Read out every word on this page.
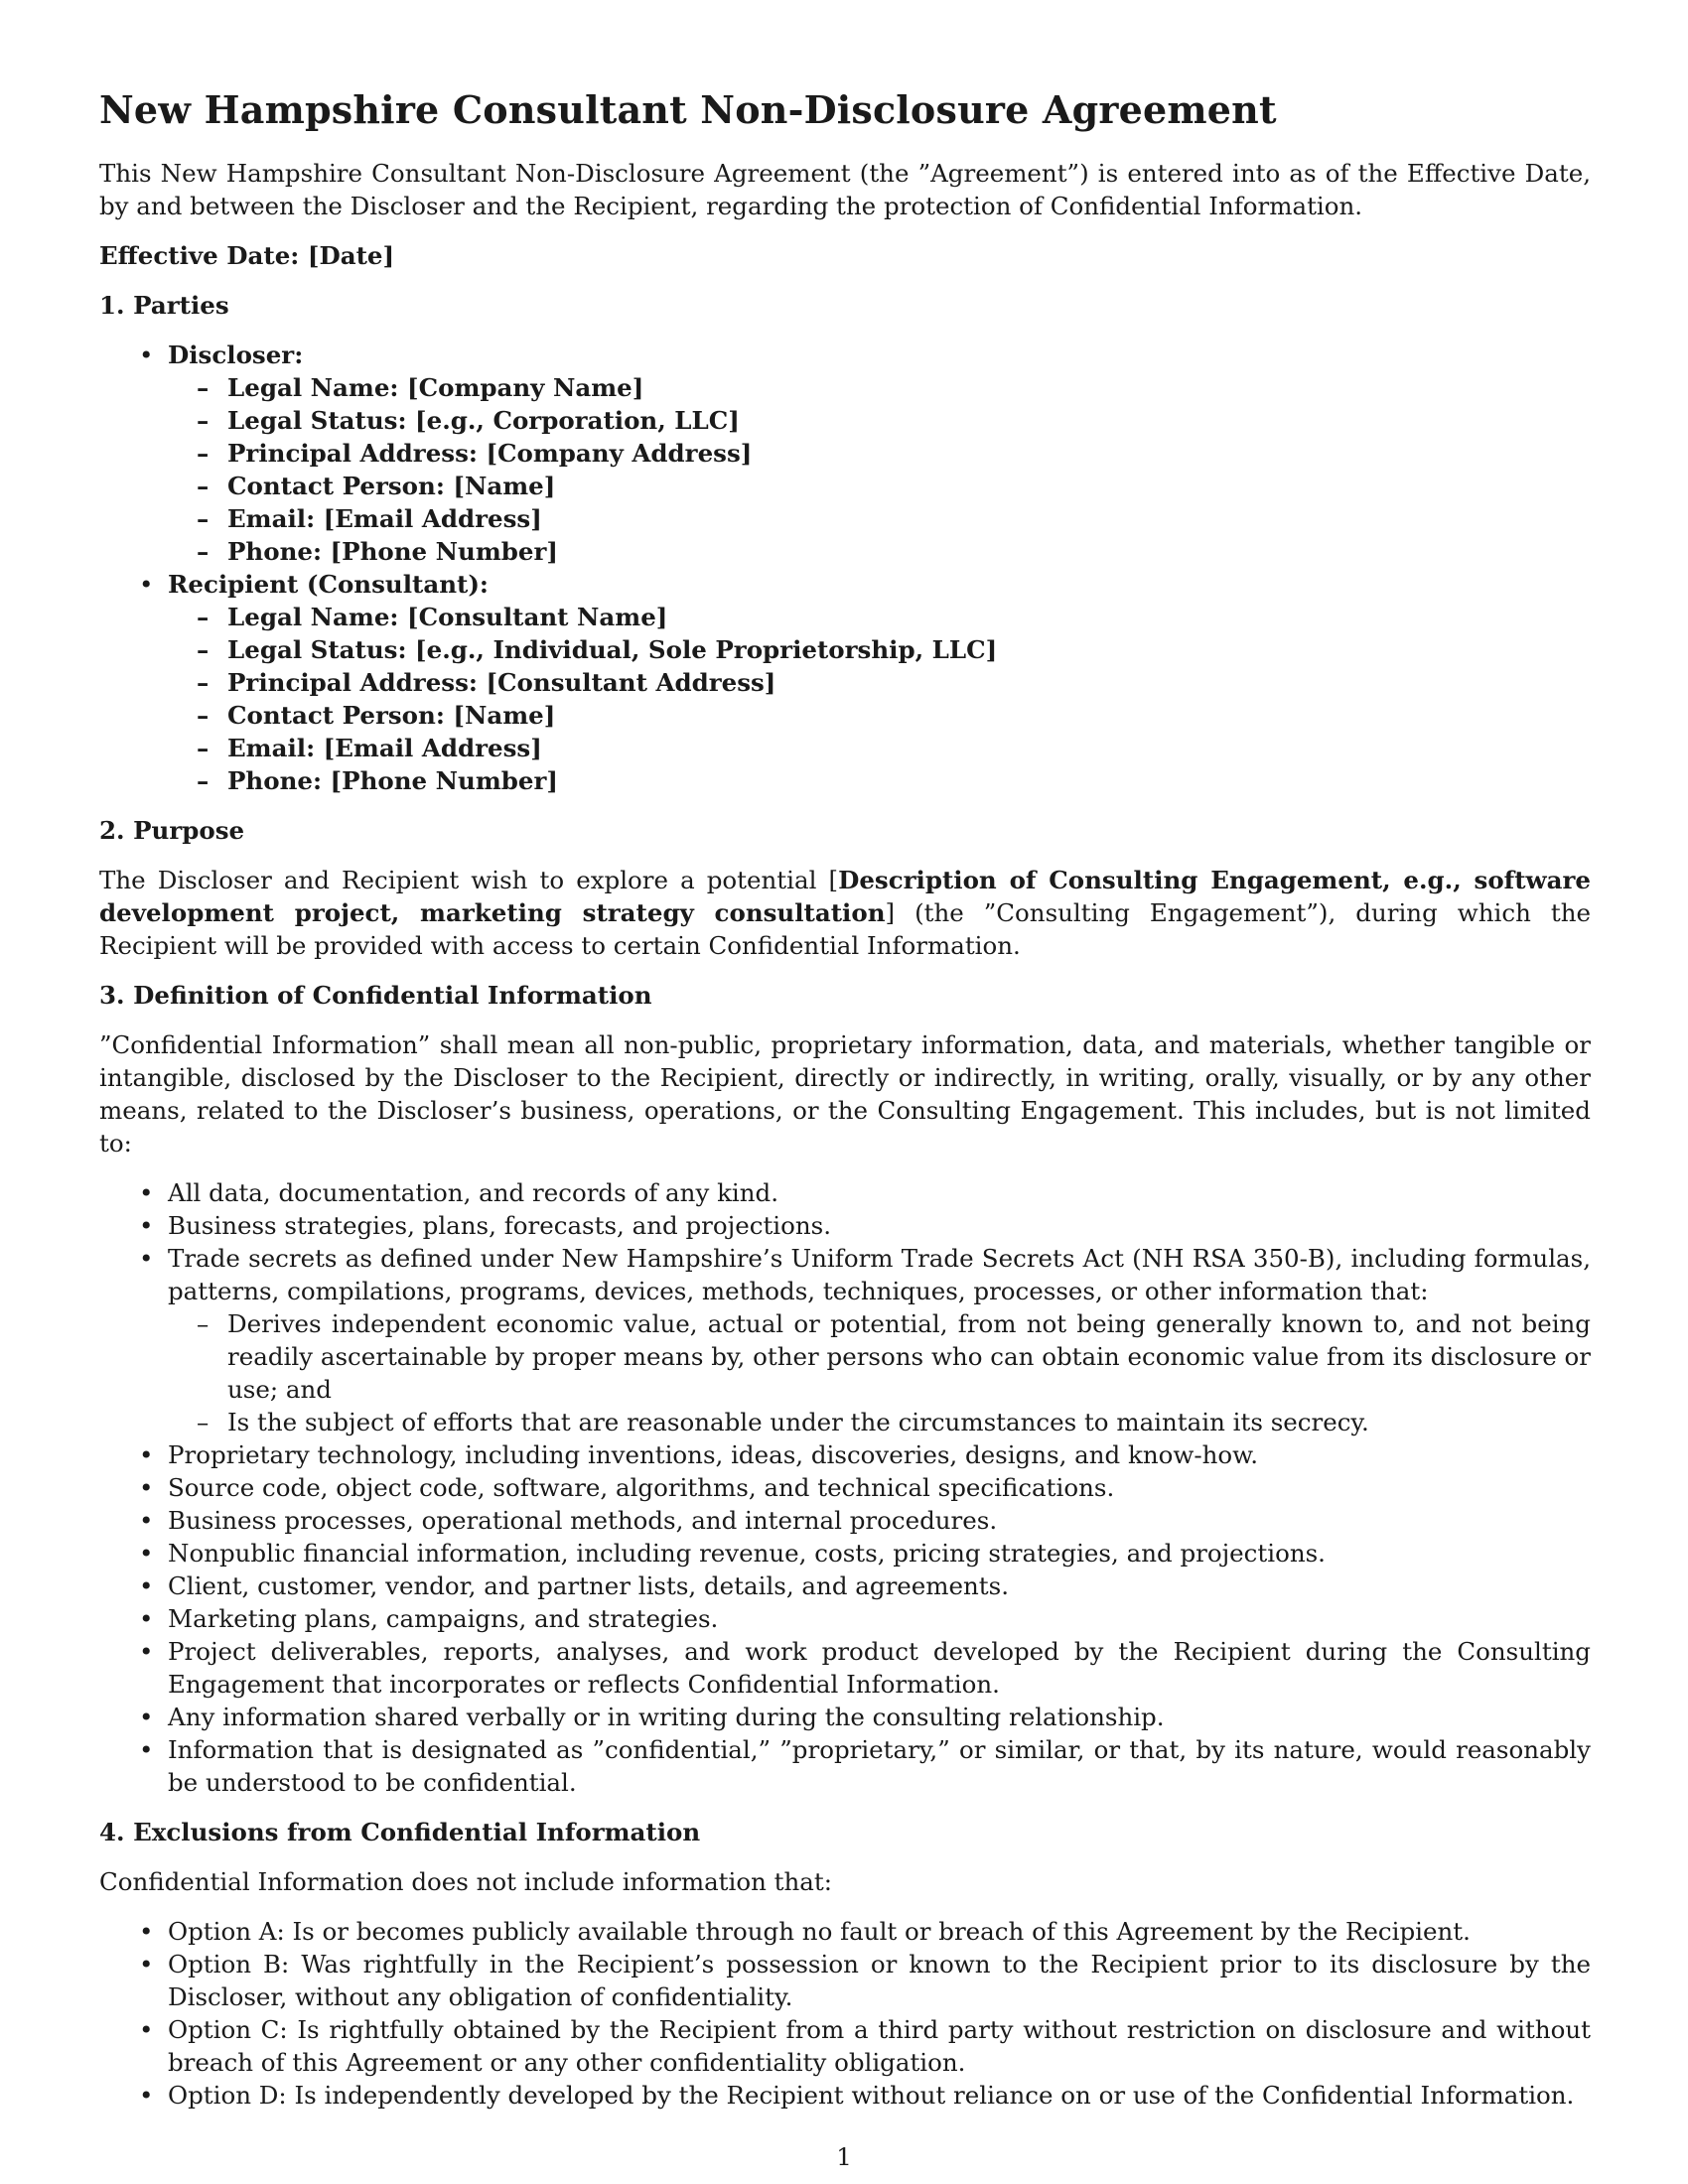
New Hampshire Consultant Non-Disclosure Agreement

This New Hampshire Consultant Non-Disclosure Agreement (the ”Agreement”) is entered into as of the Effective Date, by and between the Discloser and the Recipient, regarding the protection of Confidential Information.

Effective Date: [Date]

1. Parties
• Discloser:
– Legal Name: [Company Name]
– Legal Status: [e.g., Corporation, LLC]
– Principal Address: [Company Address]
– Contact Person: [Name]
– Email: [Email Address]
– Phone: [Phone Number]
• Recipient (Consultant):
– Legal Name: [Consultant Name]
– Legal Status: [e.g., Individual, Sole Proprietorship, LLC]
– Principal Address: [Consultant Address]
– Contact Person: [Name]
– Email: [Email Address]
– Phone: [Phone Number]
2. Purpose

The Discloser and Recipient wish to explore a potential [Description of Consulting Engagement, e.g., software development project, marketing strategy consultation] (the ”Consulting Engagement”), during which the Recipient will be provided with access to certain Confidential Information.

3. Definition of Confidential Information

”Confidential Information” shall mean all non-public, proprietary information, data, and materials, whether tangible or intangible, disclosed by the Discloser to the Recipient, directly or indirectly, in writing, orally, visually, or by any other means, related to the Discloser’s business, operations, or the Consulting Engagement. This includes, but is not limited to:

• All data, documentation, and records of any kind.
• Business strategies, plans, forecasts, and projections.
• Trade secrets as defined under New Hampshire’s Uniform Trade Secrets Act (NH RSA 350-B), including formulas, patterns, compilations, programs, devices, methods, techniques, processes, or other information that:
– Derives independent economic value, actual or potential, from not being generally known to, and not being readily ascertainable by proper means by, other persons who can obtain economic value from its disclosure or use; and
– Is the subject of efforts that are reasonable under the circumstances to maintain its secrecy.
• Proprietary technology, including inventions, ideas, discoveries, designs, and know-how.
• Source code, object code, software, algorithms, and technical specifications.
• Business processes, operational methods, and internal procedures.
• Nonpublic financial information, including revenue, costs, pricing strategies, and projections.
• Client, customer, vendor, and partner lists, details, and agreements.
• Marketing plans, campaigns, and strategies.
• Project deliverables, reports, analyses, and work product developed by the Recipient during the Consulting Engagement that incorporates or reflects Confidential Information.
• Any information shared verbally or in writing during the consulting relationship.
• Information that is designated as ”confidential,” ”proprietary,” or similar, or that, by its nature, would reasonably be understood to be confidential.
4. Exclusions from Confidential Information

Confidential Information does not include information that:

• Option A: Is or becomes publicly available through no fault or breach of this Agreement by the Recipient.
• Option B: Was rightfully in the Recipient’s possession or known to the Recipient prior to its disclosure by the Discloser, without any obligation of confidentiality.
• Option C: Is rightfully obtained by the Recipient from a third party without restriction on disclosure and without breach of this Agreement or any other confidentiality obligation.
• Option D: Is independently developed by the Recipient without reliance on or use of the Confidential Information.
1
